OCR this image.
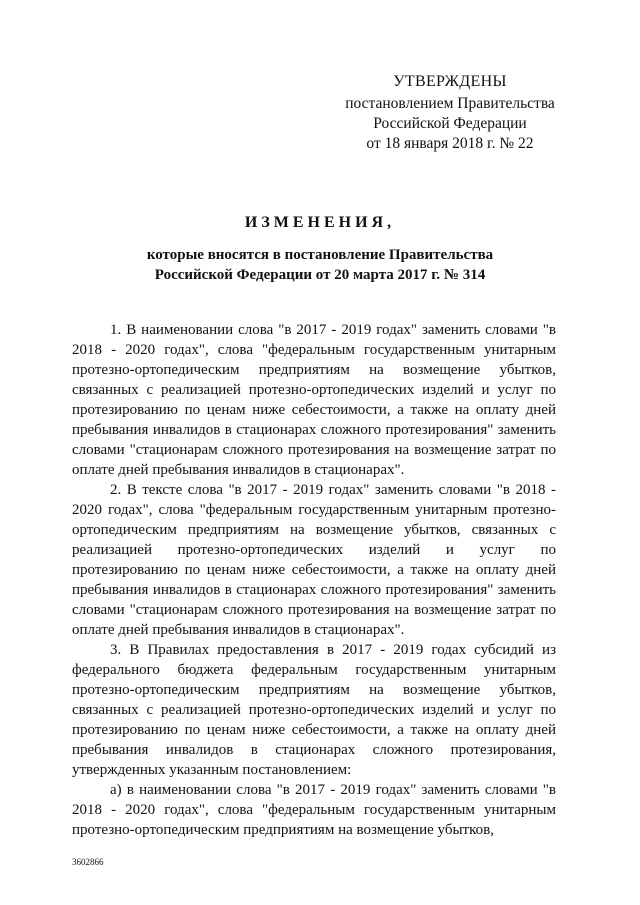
УТВЕРЖДЕНЫ
постановлением Правительства
Российской Федерации
от 18 января 2018 г. № 22
ИЗМЕНЕНИЯ,
которые вносятся в постановление Правительства
Российской Федерации от 20 марта 2017 г. № 314

1. В наименовании слова "в 2017 - 2019 годах" заменить словами "в 2018 - 2020 годах", слова "федеральным государственным унитарным протезно-ортопедическим предприятиям на возмещение убытков, связанных с реализацией протезно-ортопедических изделий и услуг по протезированию по ценам ниже себестоимости, а также на оплату дней пребывания инвалидов в стационарах сложного протезирования" заменить словами "стационарам сложного протезирования на возмещение затрат по оплате дней пребывания инвалидов в стационарах".

2. В тексте слова "в 2017 - 2019 годах" заменить словами "в 2018 - 2020 годах", слова "федеральным государственным унитарным протезно-ортопедическим предприятиям на возмещение убытков, связанных с реализацией протезно-ортопедических изделий и услуг по протезированию по ценам ниже себестоимости, а также на оплату дней пребывания инвалидов в стационарах сложного протезирования" заменить словами "стационарам сложного протезирования на возмещение затрат по оплате дней пребывания инвалидов в стационарах".

3. В Правилах предоставления в 2017 - 2019 годах субсидий из федерального бюджета федеральным государственным унитарным протезно-ортопедическим предприятиям на возмещение убытков, связанных с реализацией протезно-ортопедических изделий и услуг по протезированию по ценам ниже себестоимости, а также на оплату дней пребывания инвалидов в стационарах сложного протезирования, утвержденных указанным постановлением:

а) в наименовании слова "в 2017 - 2019 годах" заменить словами "в 2018 - 2020 годах", слова "федеральным государственным унитарным протезно-ортопедическим предприятиям на возмещение убытков,

3602866
